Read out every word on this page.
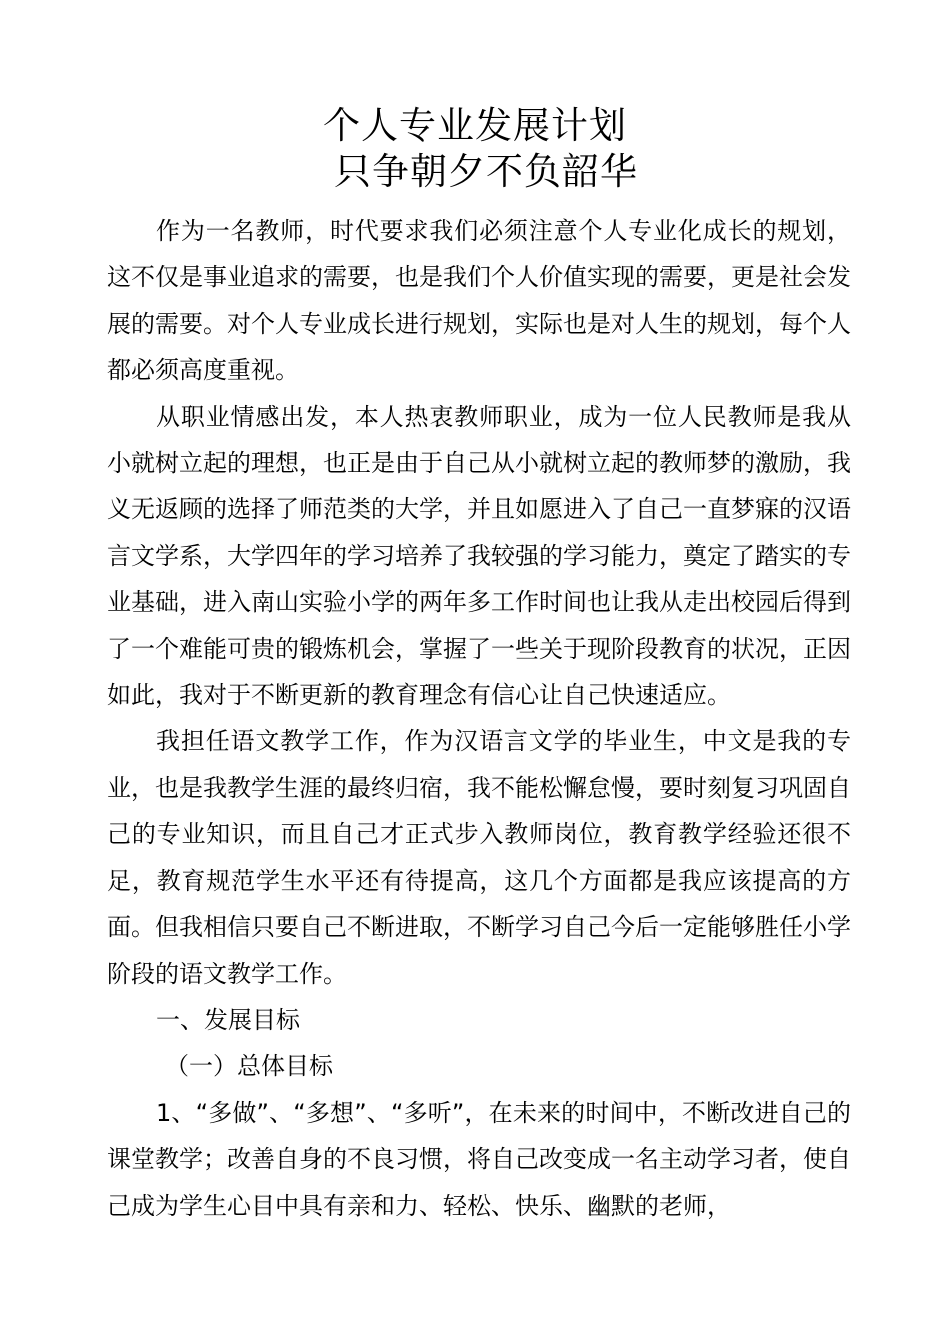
个人专业发展计划
只争朝夕不负韶华

作为一名教师，时代要求我们必须注意个人专业化成长的规划，这不仅是事业追求的需要，也是我们个人价值实现的需要，更是社会发展的需要。对个人专业成长进行规划，实际也是对人生的规划，每个人都必须高度重视。

从职业情感出发，本人热衷教师职业，成为一位人民教师是我从小就树立起的理想，也正是由于自己从小就树立起的教师梦的激励，我义无返顾的选择了师范类的大学，并且如愿进入了自己一直梦寐的汉语言文学系，大学四年的学习培养了我较强的学习能力，奠定了踏实的专业基础，进入南山实验小学的两年多工作时间也让我从走出校园后得到了一个难能可贵的锻炼机会，掌握了一些关于现阶段教育的状况，正因如此，我对于不断更新的教育理念有信心让自己快速适应。

我担任语文教学工作，作为汉语言文学的毕业生，中文是我的专业，也是我教学生涯的最终归宿，我不能松懈怠慢，要时刻复习巩固自己的专业知识，而且自己才正式步入教师岗位，教育教学经验还很不足，教育规范学生水平还有待提高，这几个方面都是我应该提高的方面。但我相信只要自己不断进取，不断学习自己今后一定能够胜任小学阶段的语文教学工作。

一、发展目标

（一）总体目标

1、“多做”、“多想”、“多听”，在未来的时间中，不断改进自己的课堂教学；改善自身的不良习惯，将自己改变成一名主动学习者，使自己成为学生心目中具有亲和力、轻松、快乐、幽默的老师，
